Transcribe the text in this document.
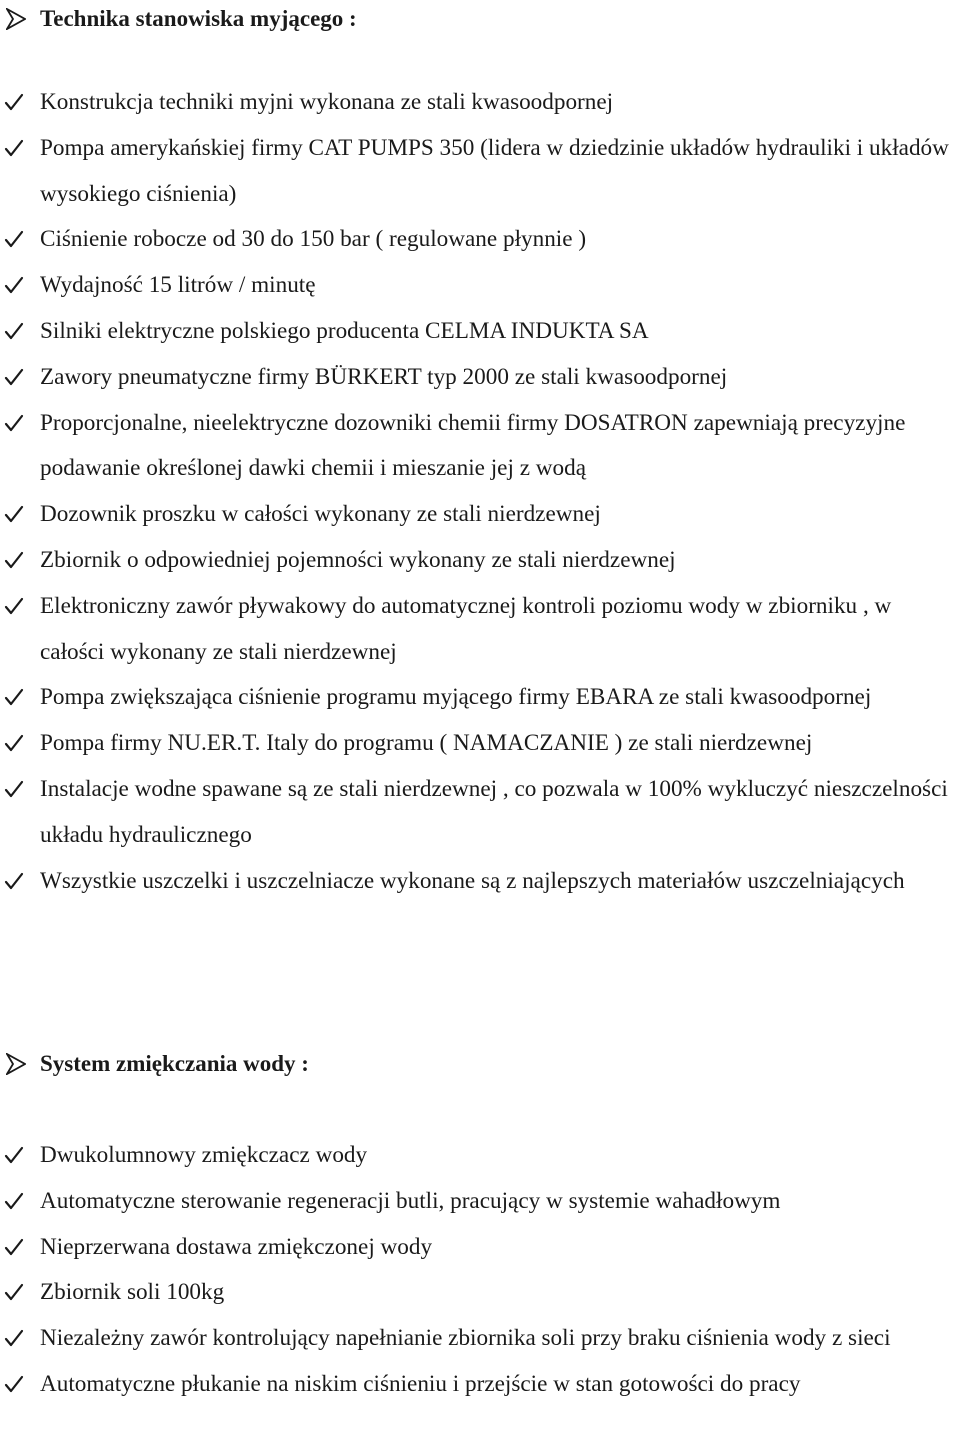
Technika stanowiska myjącego :
Konstrukcja techniki myjni wykonana ze stali kwasoodpornej
Pompa amerykańskiej firmy CAT PUMPS 350 (lidera w dziedzinie układów hydrauliki i układów wysokiego ciśnienia)
Ciśnienie robocze od 30 do 150 bar ( regulowane płynnie )
Wydajność 15 litrów / minutę
Silniki elektryczne polskiego producenta CELMA INDUKTA SA
Zawory pneumatyczne firmy BÜRKERT typ 2000 ze stali kwasoodpornej
Proporcjonalne, nieelektryczne dozowniki chemii firmy DOSATRON zapewniają precyzyjne podawanie określonej dawki chemii i mieszanie jej z wodą
Dozownik proszku w całości wykonany ze stali nierdzewnej
Zbiornik o odpowiedniej pojemności wykonany ze stali nierdzewnej
Elektroniczny zawór pływakowy do automatycznej kontroli poziomu wody w zbiorniku , w całości wykonany ze stali nierdzewnej
Pompa zwiększająca ciśnienie programu myjącego firmy EBARA ze stali kwasoodpornej
Pompa firmy NU.ER.T. Italy do programu ( NAMACZANIE ) ze stali nierdzewnej
Instalacje wodne spawane są ze stali nierdzewnej , co pozwala w 100% wykluczyć nieszczelności układu hydraulicznego
Wszystkie uszczelki i uszczelniacze wykonane są z najlepszych materiałów uszczelniających
System zmiękczania wody :
Dwukolumnowy zmiękczacz wody
Automatyczne sterowanie regeneracji butli, pracujący w systemie wahadłowym
Nieprzerwana dostawa zmiękczonej wody
Zbiornik soli 100kg
Niezależny zawór kontrolujący napełnianie zbiornika soli przy braku ciśnienia wody z sieci
Automatyczne płukanie na niskim ciśnieniu i przejście w stan gotowości do pracy
